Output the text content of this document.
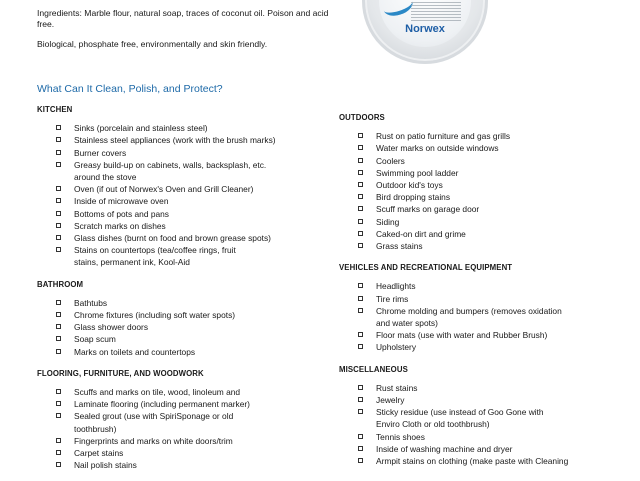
Ingredients: Marble flour, natural soap, traces of coconut oil. Poison and acid free.

Biological, phosphate free, environmentally and skin friendly.

Norwex
What Can It Clean, Polish, and Protect?
KITCHEN
Sinks (porcelain and stainless steel)
Stainless steel appliances (work with the brush marks)
Burner covers
Greasy build-up on cabinets, walls, backsplash, etc.
around the stove
Oven (if out of Norwex's Oven and Grill Cleaner)
Inside of microwave oven
Bottoms of pots and pans
Scratch marks on dishes
Glass dishes (burnt on food and brown grease spots)
Stains on countertops (tea/coffee rings, fruit
stains, permanent ink, Kool-Aid
BATHROOM
Bathtubs
Chrome fixtures (including soft water spots)
Glass shower doors
Soap scum
Marks on toilets and countertops
FLOORING, FURNITURE, AND WOODWORK
Scuffs and marks on tile, wood, linoleum and
Laminate flooring (including permanent marker)
Sealed grout (use with SpiriSponage or old
toothbrush)
Fingerprints and marks on white doors/trim
Carpet stains
Nail polish stains
OUTDOORS
Rust on patio furniture and gas grills
Water marks on outside windows
Coolers
Swimming pool ladder
Outdoor kid's toys
Bird dropping stains
Scuff marks on garage door
Siding
Caked-on dirt and grime
Grass stains
VEHICLES AND RECREATIONAL EQUIPMENT
Headlights
Tire rims
Chrome molding and bumpers (removes oxidation
and water spots)
Floor mats (use with water and Rubber Brush)
Upholstery
MISCELLANEOUS
Rust stains
Jewelry
Sticky residue (use instead of Goo Gone with
Enviro Cloth or old toothbrush)
Tennis shoes
Inside of washing machine and dryer
Armpit stains on clothing (make paste with Cleaning
